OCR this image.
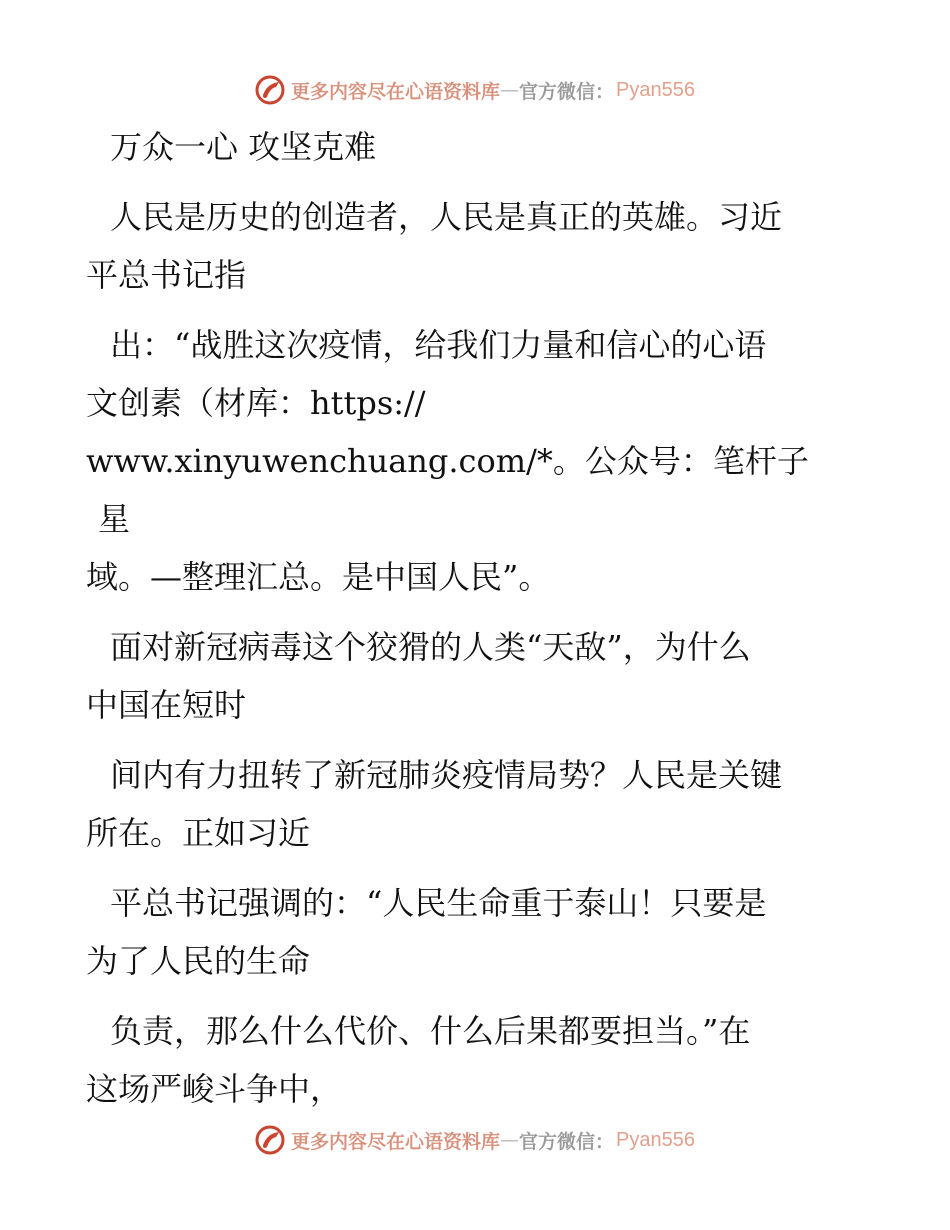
更多内容尽在心语资料库 — 官方微信： Pyan556
万众一心 攻坚克难
人民是历史的创造者，人民是真正的英雄。习近
平总书记指
出：“战胜这次疫情，给我们力量和信心的心语
文创素（材库：https://
www.xinyuwenchuang.com/*。公众号：笔杆子星
域。—整理汇总。是中国人民”。
面对新冠病毒这个狡猾的人类“天敌”，为什么
中国在短时
间内有力扭转了新冠肺炎疫情局势？人民是关键
所在。正如习近
平总书记强调的：“人民生命重于泰山！只要是
为了人民的生命
负责，那么什么代价、什么后果都要担当。”在
这场严峻斗争中，
更多内容尽在心语资料库 — 官方微信： Pyan556
